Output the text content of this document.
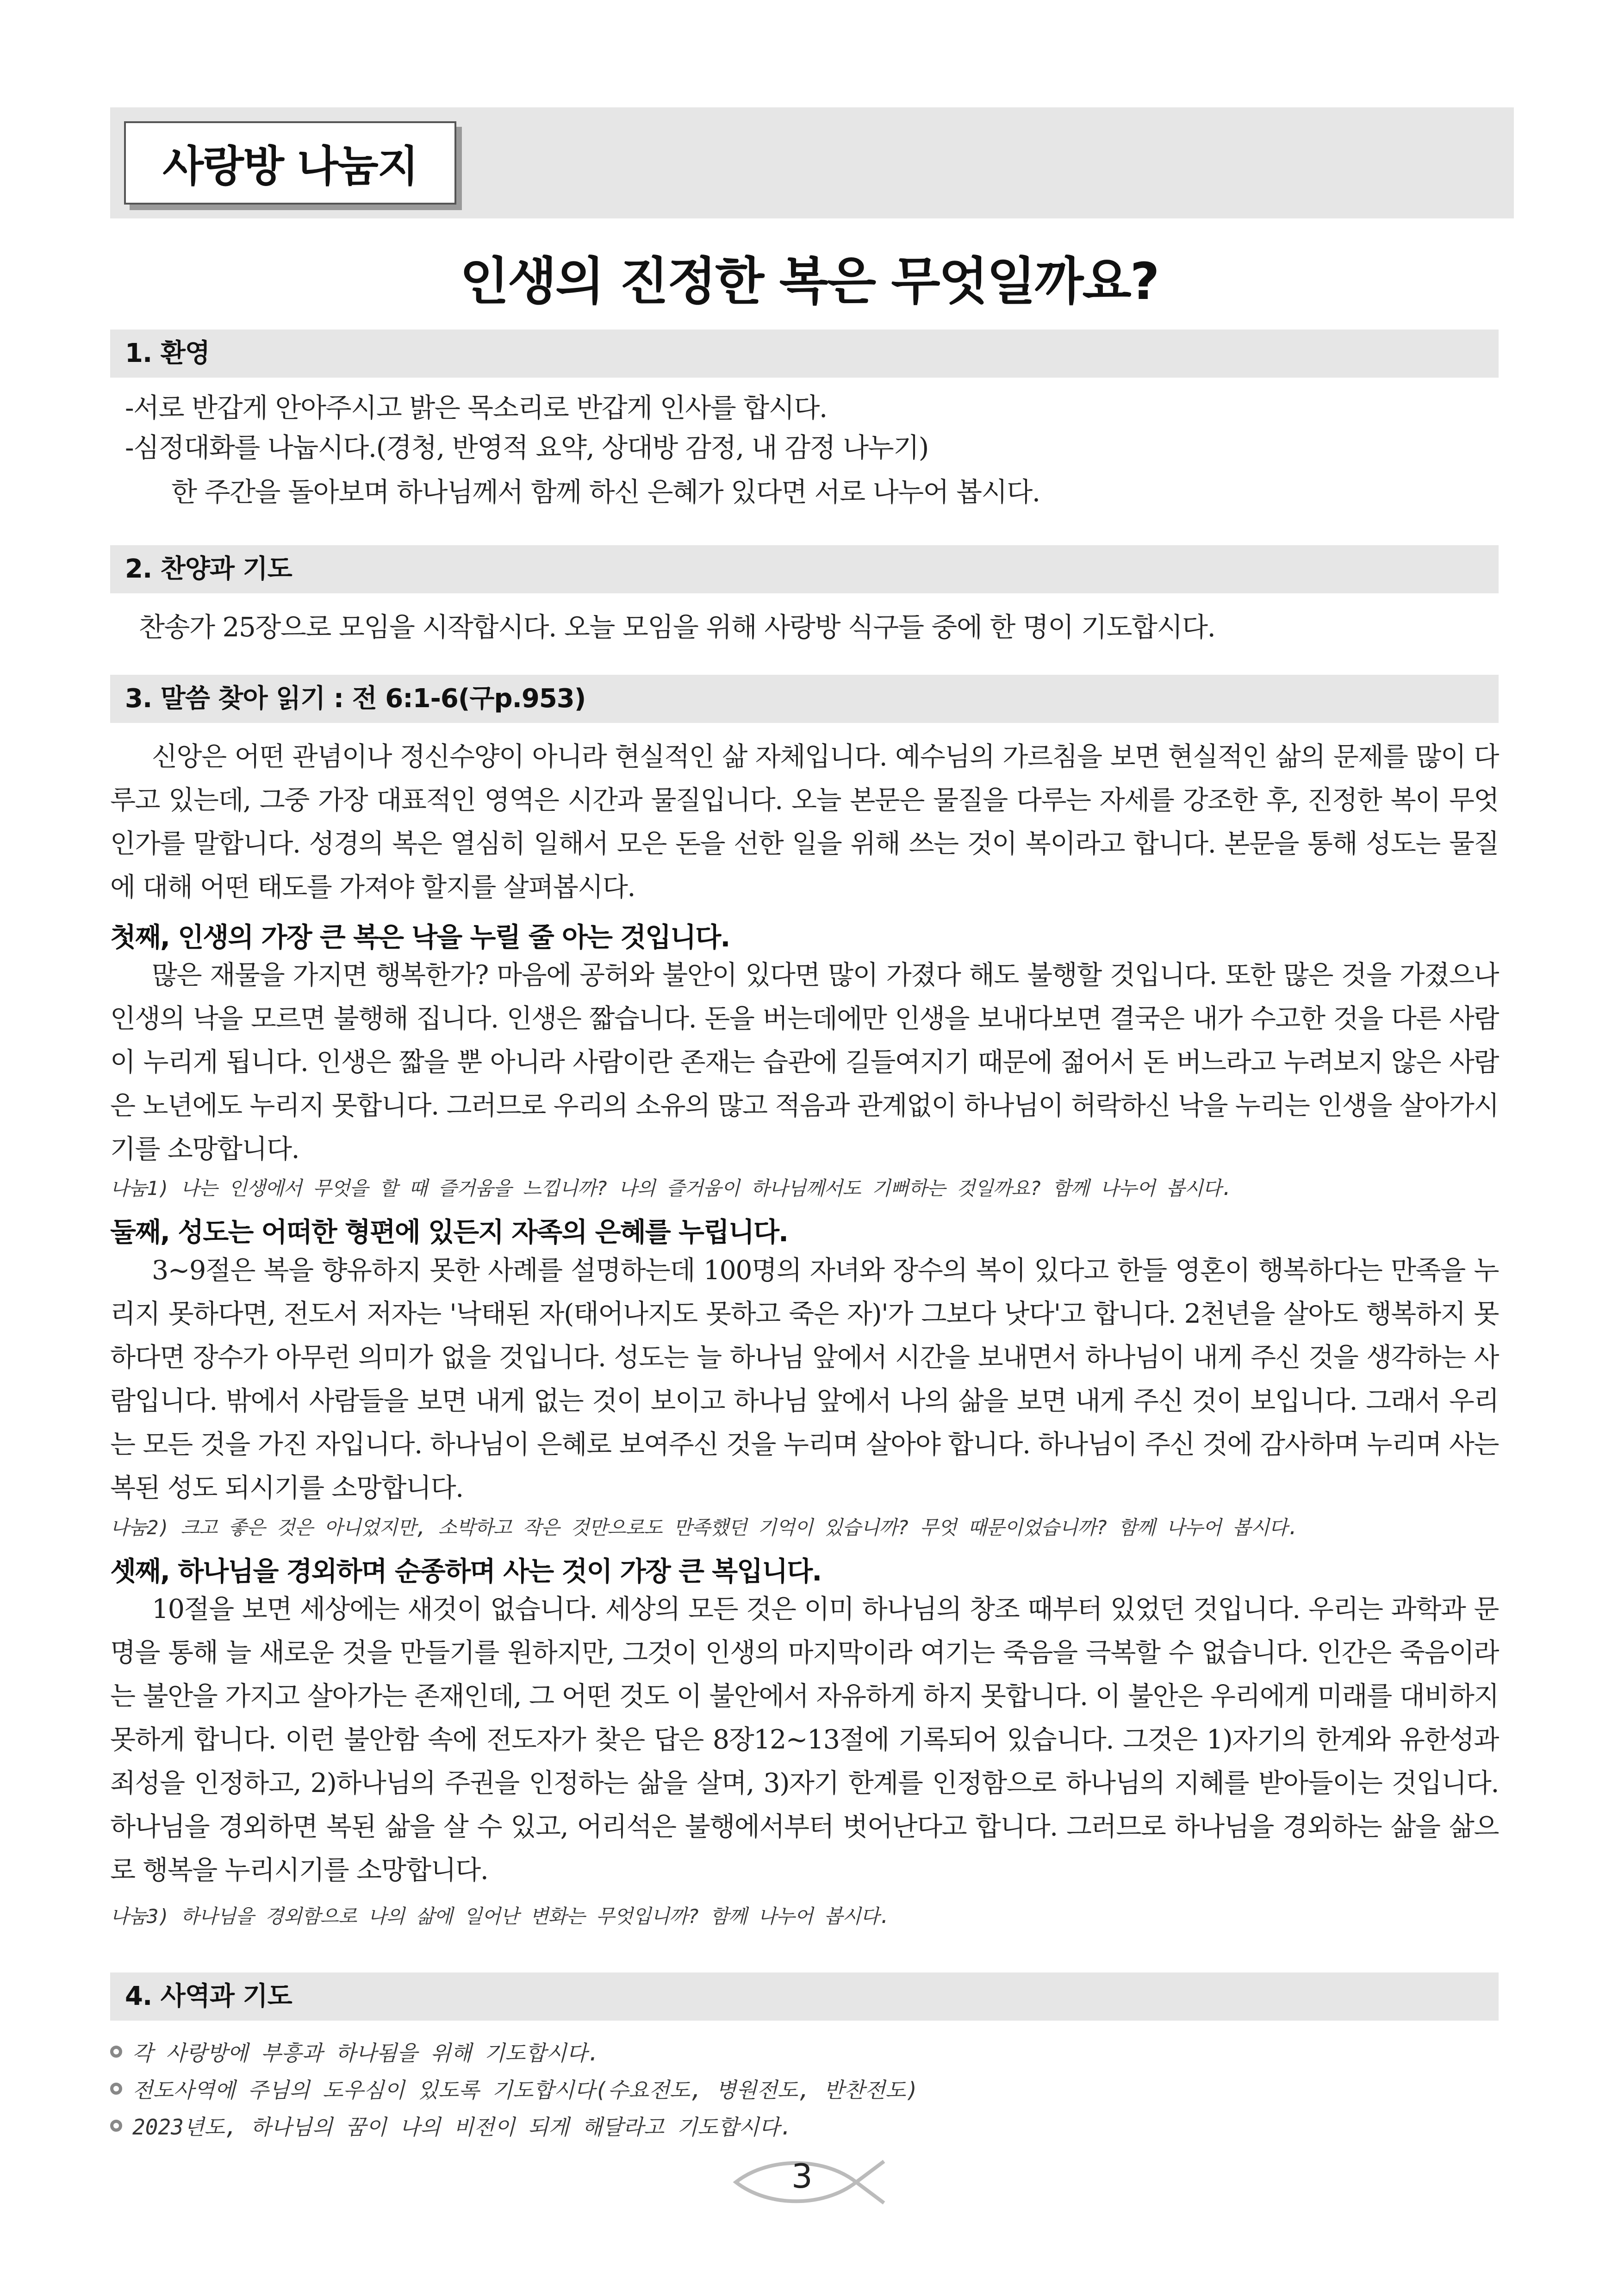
사랑방 나눔지
인생의 진정한 복은 무엇일까요?
1. 환영
-서로 반갑게 안아주시고 밝은 목소리로 반갑게 인사를 합시다.
-심정대화를 나눕시다.(경청, 반영적 요약, 상대방 감정, 내 감정 나누기)
한 주간을 돌아보며 하나님께서 함께 하신 은혜가 있다면 서로 나누어 봅시다.
2. 찬양과 기도
찬송가 25장으로 모임을 시작합시다. 오늘 모임을 위해 사랑방 식구들 중에 한 명이 기도합시다.
3. 말씀 찾아 읽기 : 전 6:1-6(구p.953)
신앙은 어떤 관념이나 정신수양이 아니라 현실적인 삶 자체입니다. 예수님의 가르침을 보면 현실적인 삶의 문제를 많이 다루고 있는데, 그중 가장 대표적인 영역은 시간과 물질입니다. 오늘 본문은 물질을 다루는 자세를 강조한 후, 진정한 복이 무엇인가를 말합니다. 성경의 복은 열심히 일해서 모은 돈을 선한 일을 위해 쓰는 것이 복이라고 합니다. 본문을 통해 성도는 물질에 대해 어떤 태도를 가져야 할지를 살펴봅시다.
첫째, 인생의 가장 큰 복은 낙을 누릴 줄 아는 것입니다.
많은 재물을 가지면 행복한가? 마음에 공허와 불안이 있다면 많이 가졌다 해도 불행할 것입니다. 또한 많은 것을 가졌으나 인생의 낙을 모르면 불행해 집니다. 인생은 짧습니다. 돈을 버는데에만 인생을 보내다보면 결국은 내가 수고한 것을 다른 사람이 누리게 됩니다. 인생은 짧을 뿐 아니라 사람이란 존재는 습관에 길들여지기 때문에 젊어서 돈 버느라고 누려보지 않은 사람은 노년에도 누리지 못합니다. 그러므로 우리의 소유의 많고 적음과 관계없이 하나님이 허락하신 낙을 누리는 인생을 살아가시기를 소망합니다.
나눔1) 나는 인생에서 무엇을 할 때 즐거움을 느낍니까? 나의 즐거움이 하나님께서도 기뻐하는 것일까요? 함께 나누어 봅시다.
둘째, 성도는 어떠한 형편에 있든지 자족의 은혜를 누립니다.
3~9절은 복을 향유하지 못한 사례를 설명하는데 100명의 자녀와 장수의 복이 있다고 한들 영혼이 행복하다는 만족을 누리지 못하다면, 전도서 저자는 '낙태된 자(태어나지도 못하고 죽은 자)'가 그보다 낫다'고 합니다. 2천년을 살아도 행복하지 못하다면 장수가 아무런 의미가 없을 것입니다. 성도는 늘 하나님 앞에서 시간을 보내면서 하나님이 내게 주신 것을 생각하는 사람입니다. 밖에서 사람들을 보면 내게 없는 것이 보이고 하나님 앞에서 나의 삶을 보면 내게 주신 것이 보입니다. 그래서 우리는 모든 것을 가진 자입니다. 하나님이 은혜로 보여주신 것을 누리며 살아야 합니다. 하나님이 주신 것에 감사하며 누리며 사는 복된 성도 되시기를 소망합니다.
나눔2) 크고 좋은 것은 아니었지만, 소박하고 작은 것만으로도 만족했던 기억이 있습니까? 무엇 때문이었습니까? 함께 나누어 봅시다.
셋째, 하나님을 경외하며 순종하며 사는 것이 가장 큰 복입니다.
10절을 보면 세상에는 새것이 없습니다. 세상의 모든 것은 이미 하나님의 창조 때부터 있었던 것입니다. 우리는 과학과 문명을 통해 늘 새로운 것을 만들기를 원하지만, 그것이 인생의 마지막이라 여기는 죽음을 극복할 수 없습니다. 인간은 죽음이라는 불안을 가지고 살아가는 존재인데, 그 어떤 것도 이 불안에서 자유하게 하지 못합니다. 이 불안은 우리에게 미래를 대비하지 못하게 합니다. 이런 불안함 속에 전도자가 찾은 답은 8장12~13절에 기록되어 있습니다. 그것은 1)자기의 한계와 유한성과 죄성을 인정하고, 2)하나님의 주권을 인정하는 삶을 살며, 3)자기 한계를 인정함으로 하나님의 지혜를 받아들이는 것입니다. 하나님을 경외하면 복된 삶을 살 수 있고, 어리석은 불행에서부터 벗어난다고 합니다. 그러므로 하나님을 경외하는 삶을 삶으로 행복을 누리시기를 소망합니다.
나눔3) 하나님을 경외함으로 나의 삶에 일어난 변화는 무엇입니까? 함께 나누어 봅시다.
4. 사역과 기도
각 사랑방에 부흥과 하나됨을 위해 기도합시다.
전도사역에 주님의 도우심이 있도록 기도합시다(수요전도, 병원전도, 반찬전도)
2023년도, 하나님의 꿈이 나의 비전이 되게 해달라고 기도합시다.
3
